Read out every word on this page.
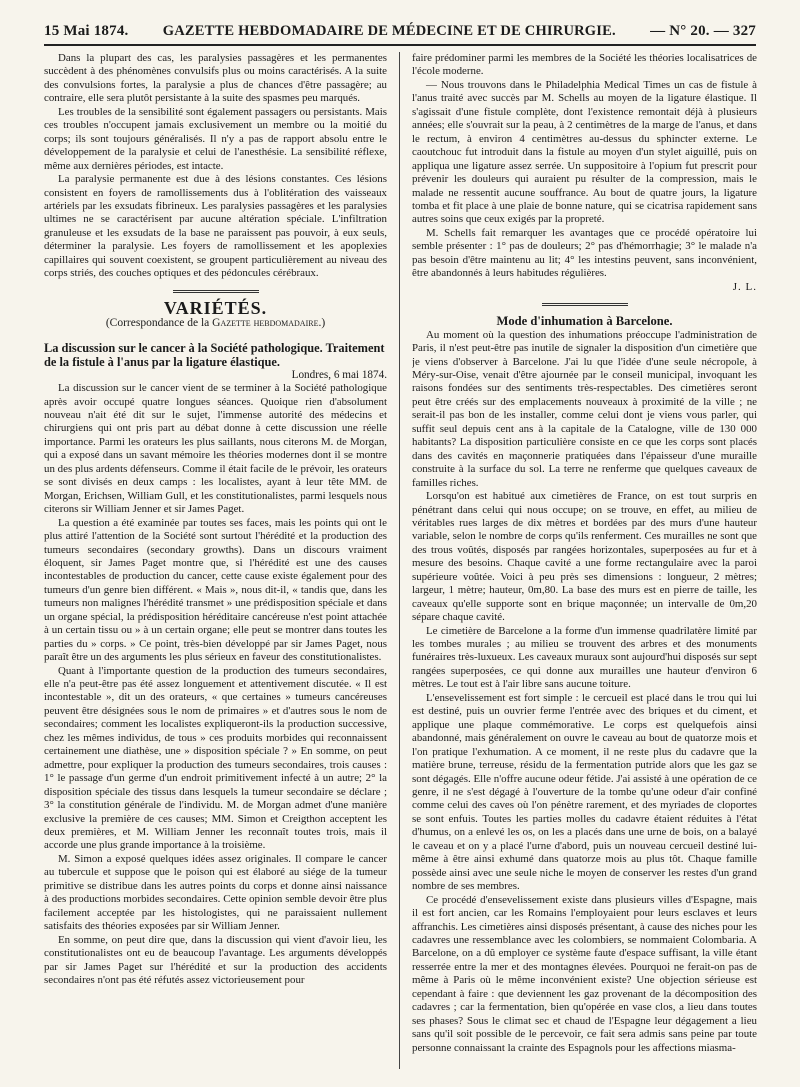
15 Mai 1874. GAZETTE HEBDOMADAIRE DE MÉDECINE ET DE CHIRURGIE. — N° 20. — 327

Dans la plupart des cas, les paralysies passagères et les permanentes succèdent à des phénomènes convulsifs plus ou moins caractérisés. A la suite des convulsions fortes, la paralysie a plus de chances d'être passagère; au contraire, elle sera plutôt persistante à la suite des spasmes peu marqués.

Les troubles de la sensibilité sont également passagers ou persistants. Mais ces troubles n'occupent jamais exclusivement un membre ou la moitié du corps; ils sont toujours généralisés. Il n'y a pas de rapport absolu entre le développement de la paralysie et celui de l'anesthésie. La sensibilité réflexe, même aux dernières périodes, est intacte.

La paralysie permanente est due à des lésions constantes. Ces lésions consistent en foyers de ramollissements dus à l'oblitération des vaisseaux artériels par les exsudats fibrineux. Les paralysies passagères et les paralysies ultimes ne se caractérisent par aucune altération spéciale. L'infiltration granuleuse et les exsudats de la base ne paraissent pas pouvoir, à eux seuls, déterminer la paralysie. Les foyers de ramollissement et les apoplexies capillaires qui souvent coexistent, se groupent particulièrement au niveau des corps striés, des couches optiques et des pédoncules cérébraux.

VARIÉTÉS.
(Correspondance de la Gazette hebdomadaire.)

La discussion sur le cancer à la Société pathologique. Traitement de la fistule à l'anus par la ligature élastique.

Londres, 6 mai 1874.

La discussion sur le cancer vient de se terminer à la Société pathologique après avoir occupé quatre longues séances. Quoique rien d'absolument nouveau n'ait été dit sur le sujet, l'immense autorité des médecins et chirurgiens qui ont pris part au débat donne à cette discussion une réelle importance. Parmi les orateurs les plus saillants, nous citerons M. de Morgan, qui a exposé dans un savant mémoire les théories modernes dont il se montre un des plus ardents défenseurs. Comme il était facile de le prévoir, les orateurs se sont divisés en deux camps : les localistes, ayant à leur tête MM. de Morgan, Erichsen, William Gull, et les constitutionalistes, parmi lesquels nous citerons sir William Jenner et sir James Paget.

La question a été examinée par toutes ses faces, mais les points qui ont le plus attiré l'attention de la Société sont surtout l'hérédité et la production des tumeurs secondaires (secondary growths). Dans un discours vraiment éloquent, sir James Paget montre que, si l'hérédité est une des causes incontestables de production du cancer, cette cause existe également pour des tumeurs d'un genre bien différent. « Mais », nous dit-il, « tandis que, dans les tumeurs non malignes l'hérédité transmet » une prédisposition spéciale et dans un organe spécial, la prédisposition héréditaire cancéreuse n'est point attachée à un certain tissu ou » à un certain organe; elle peut se montrer dans toutes les parties du » corps. » Ce point, très-bien développé par sir James Paget, nous paraît être un des arguments les plus sérieux en faveur des constitutionalistes.

Quant à l'importante question de la production des tumeurs secondaires, elle n'a peut-être pas été assez longuement et attentivement discutée. « Il est incontestable », dit un des orateurs, « que certaines » tumeurs cancéreuses peuvent être désignées sous le nom de primaires » et d'autres sous le nom de secondaires; comment les localistes expliqueront-ils la production successive, chez les mêmes individus, de tous » ces produits morbides qui reconnaissent certainement une diathèse, une » disposition spéciale ? » En somme, on peut admettre, pour expliquer la production des tumeurs secondaires, trois causes : 1° le passage d'un germe d'un endroit primitivement infecté à un autre; 2° la disposition spéciale des tissus dans lesquels la tumeur secondaire se déclare ; 3° la constitution générale de l'individu. M. de Morgan admet d'une manière exclusive la première de ces causes; MM. Simon et Creigthon acceptent les deux premières, et M. William Jenner les reconnaît toutes trois, mais il accorde une plus grande importance à la troisième.

M. Simon a exposé quelques idées assez originales. Il compare le cancer au tubercule et suppose que le poison qui est élaboré au siége de la tumeur primitive se distribue dans les autres points du corps et donne ainsi naissance à des productions morbides secondaires. Cette opinion semble devoir être plus facilement acceptée par les histologistes, qui ne paraissaient nullement satisfaits des théories exposées par sir William Jenner.

En somme, on peut dire que, dans la discussion qui vient d'avoir lieu, les constitutionalistes ont eu de beaucoup l'avantage. Les arguments développés par sir James Paget sur l'hérédité et sur la production des accidents secondaires n'ont pas été réfutés assez victorieusement pour

faire prédominer parmi les membres de la Société les théories localisatrices de l'école moderne.

— Nous trouvons dans le Philadelphia Medical Times un cas de fistule à l'anus traité avec succès par M. Schells au moyen de la ligature élastique. Il s'agissait d'une fistule complète, dont l'existence remontait déjà à plusieurs années; elle s'ouvrait sur la peau, à 2 centimètres de la marge de l'anus, et dans le rectum, à environ 4 centimètres au-dessus du sphincter externe. Le caoutchouc fut introduit dans la fistule au moyen d'un stylet aiguillé, puis on appliqua une ligature assez serrée. Un suppositoire à l'opium fut prescrit pour prévenir les douleurs qui auraient pu résulter de la compression, mais le malade ne ressentit aucune souffrance. Au bout de quatre jours, la ligature tomba et fit place à une plaie de bonne nature, qui se cicatrisa rapidement sans autres soins que ceux exigés par la propreté.

M. Schells fait remarquer les avantages que ce procédé opératoire lui semble présenter : 1° pas de douleurs; 2° pas d'hémorrhagie; 3° le malade n'a pas besoin d'être maintenu au lit; 4° les intestins peuvent, sans inconvénient, être abandonnés à leurs habitudes régulières.

J. L.

Mode d'inhumation à Barcelone.

Au moment où la question des inhumations préoccupe l'administration de Paris, il n'est peut-être pas inutile de signaler la disposition d'un cimetière que je viens d'observer à Barcelone. J'ai lu que l'idée d'une seule nécropole, à Méry-sur-Oise, venait d'être ajournée par le conseil municipal, invoquant les raisons fondées sur des sentiments très-respectables. Des cimetières seront peut être créés sur des emplacements nouveaux à proximité de la ville ; ne serait-il pas bon de les installer, comme celui dont je viens vous parler, qui suffit seul depuis cent ans à la capitale de la Catalogne, ville de 130 000 habitants? La disposition particulière consiste en ce que les corps sont placés dans des cavités en maçonnerie pratiquées dans l'épaisseur d'une muraille construite à la surface du sol. La terre ne renferme que quelques caveaux de familles riches.

Lorsqu'on est habitué aux cimetières de France, on est tout surpris en pénétrant dans celui qui nous occupe; on se trouve, en effet, au milieu de véritables rues larges de dix mètres et bordées par des murs d'une hauteur variable, selon le nombre de corps qu'ils renferment. Ces murailles ne sont que des trous voûtés, disposés par rangées horizontales, superposées au fur et à mesure des besoins. Chaque cavité a une forme rectangulaire avec la paroi supérieure voûtée. Voici à peu près ses dimensions : longueur, 2 mètres; largeur, 1 mètre; hauteur, 0m,80. La base des murs est en pierre de taille, les caveaux qu'elle supporte sont en brique maçonnée; un intervalle de 0m,20 sépare chaque cavité.

Le cimetière de Barcelone a la forme d'un immense quadrilatère limité par les tombes murales ; au milieu se trouvent des arbres et des monuments funéraires très-luxueux. Les caveaux muraux sont aujourd'hui disposés sur sept rangées superposées, ce qui donne aux murailles une hauteur d'environ 6 mètres. Le tout est à l'air libre sans aucune toiture.

L'ensevelissement est fort simple : le cercueil est placé dans le trou qui lui est destiné, puis un ouvrier ferme l'entrée avec des briques et du ciment, et applique une plaque commémorative. Le corps est quelquefois ainsi abandonné, mais généralement on ouvre le caveau au bout de quatorze mois et l'on pratique l'exhumation. A ce moment, il ne reste plus du cadavre que la matière brune, terreuse, résidu de la fermentation putride alors que les gaz se sont dégagés. Elle n'offre aucune odeur fétide. J'ai assisté à une opération de ce genre, il ne s'est dégagé à l'ouverture de la tombe qu'une odeur d'air confiné comme celui des caves où l'on pénètre rarement, et des myriades de cloportes se sont enfuis. Toutes les parties molles du cadavre étaient réduites à l'état d'humus, on a enlevé les os, on les a placés dans une urne de bois, on a balayé le caveau et on y a placé l'urne d'abord, puis un nouveau cercueil destiné lui-même à être ainsi exhumé dans quatorze mois au plus tôt. Chaque famille possède ainsi avec une seule niche le moyen de conserver les restes d'un grand nombre de ses membres.

Ce procédé d'ensevelissement existe dans plusieurs villes d'Espagne, mais il est fort ancien, car les Romains l'employaient pour leurs esclaves et leurs affranchis. Les cimetières ainsi disposés présentant, à cause des niches pour les cadavres une ressemblance avec les colombiers, se nommaient Colombaria. A Barcelone, on a dû employer ce système faute d'espace suffisant, la ville étant resserrée entre la mer et des montagnes élevées. Pourquoi ne ferait-on pas de même à Paris où le même inconvénient existe? Une objection sérieuse est cependant à faire : que deviennent les gaz provenant de la décomposition des cadavres ; car la fermentation, bien qu'opérée en vase clos, a lieu dans toutes ses phases? Sous le climat sec et chaud de l'Espagne leur dégagement a lieu sans qu'il soit possible de le percevoir, ce fait sera admis sans peine par toute personne connaissant la crainte des Espagnols pour les affections miasma-
